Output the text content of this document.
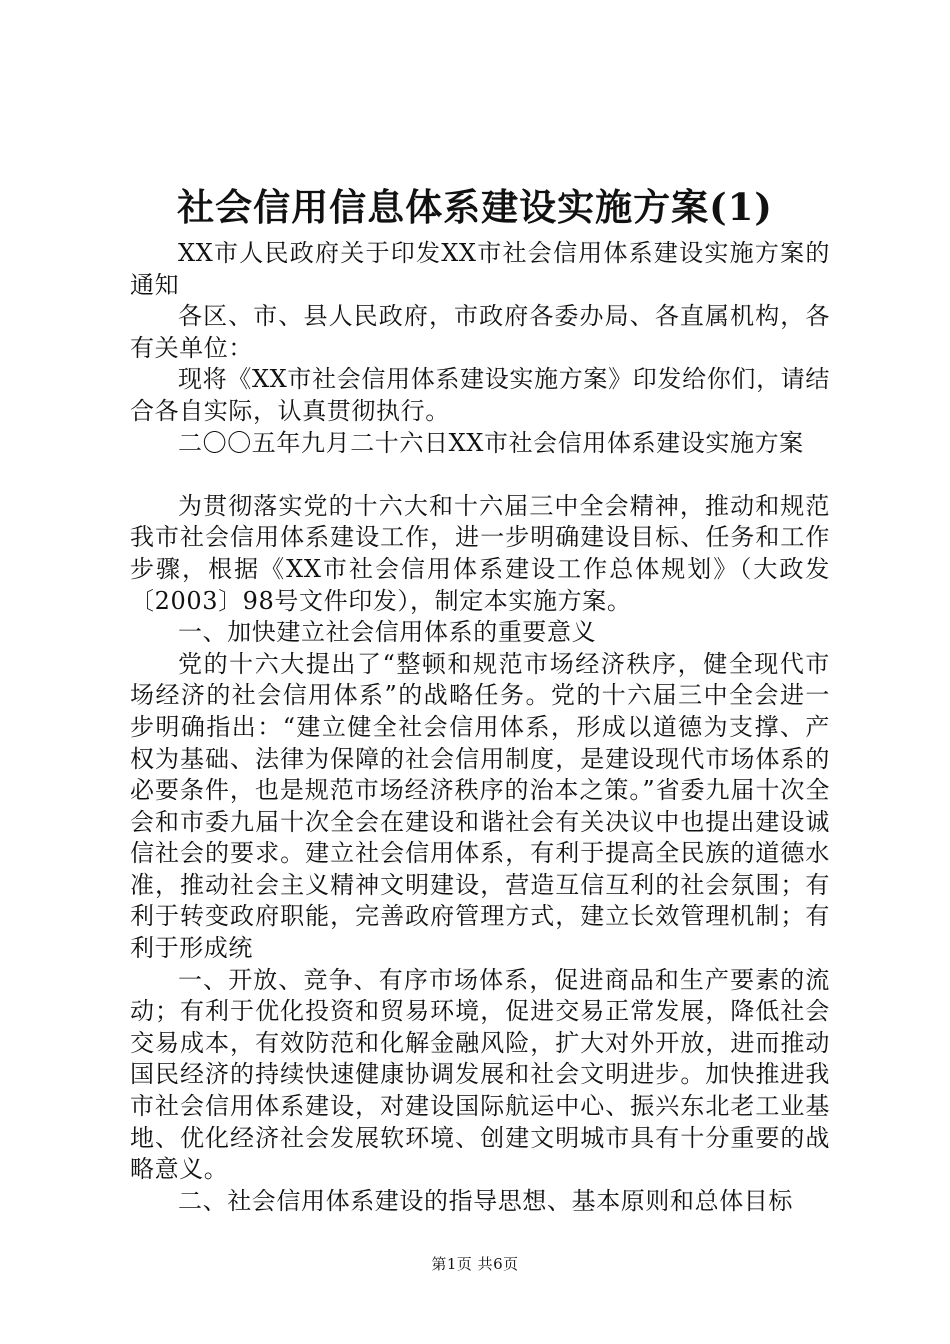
社会信用信息体系建设实施方案(1)

XX市人民政府关于印发XX市社会信用体系建设实施方案的通知

各区、市、县人民政府，市政府各委办局、各直属机构，各有关单位：

现将《XX市社会信用体系建设实施方案》印发给你们，请结合各自实际，认真贯彻执行。

二〇〇五年九月二十六日XX市社会信用体系建设实施方案

为贯彻落实党的十六大和十六届三中全会精神，推动和规范我市社会信用体系建设工作，进一步明确建设目标、任务和工作步骤，根据《XX市社会信用体系建设工作总体规划》（大政发〔2003〕98号文件印发），制定本实施方案。

一、加快建立社会信用体系的重要意义

党的十六大提出了“整顿和规范市场经济秩序，健全现代市场经济的社会信用体系”的战略任务。党的十六届三中全会进一步明确指出：“建立健全社会信用体系，形成以道德为支撑、产权为基础、法律为保障的社会信用制度，是建设现代市场体系的必要条件，也是规范市场经济秩序的治本之策。”省委九届十次全会和市委九届十次全会在建设和谐社会有关决议中也提出建设诚信社会的要求。建立社会信用体系，有利于提高全民族的道德水准，推动社会主义精神文明建设，营造互信互利的社会氛围；有利于转变政府职能，完善政府管理方式，建立长效管理机制；有利于形成统

一、开放、竞争、有序市场体系，促进商品和生产要素的流动；有利于优化投资和贸易环境，促进交易正常发展，降低社会交易成本，有效防范和化解金融风险，扩大对外开放，进而推动国民经济的持续快速健康协调发展和社会文明进步。加快推进我市社会信用体系建设，对建设国际航运中心、振兴东北老工业基地、优化经济社会发展软环境、创建文明城市具有十分重要的战略意义。

二、社会信用体系建设的指导思想、基本原则和总体目标

第1页 共6页
